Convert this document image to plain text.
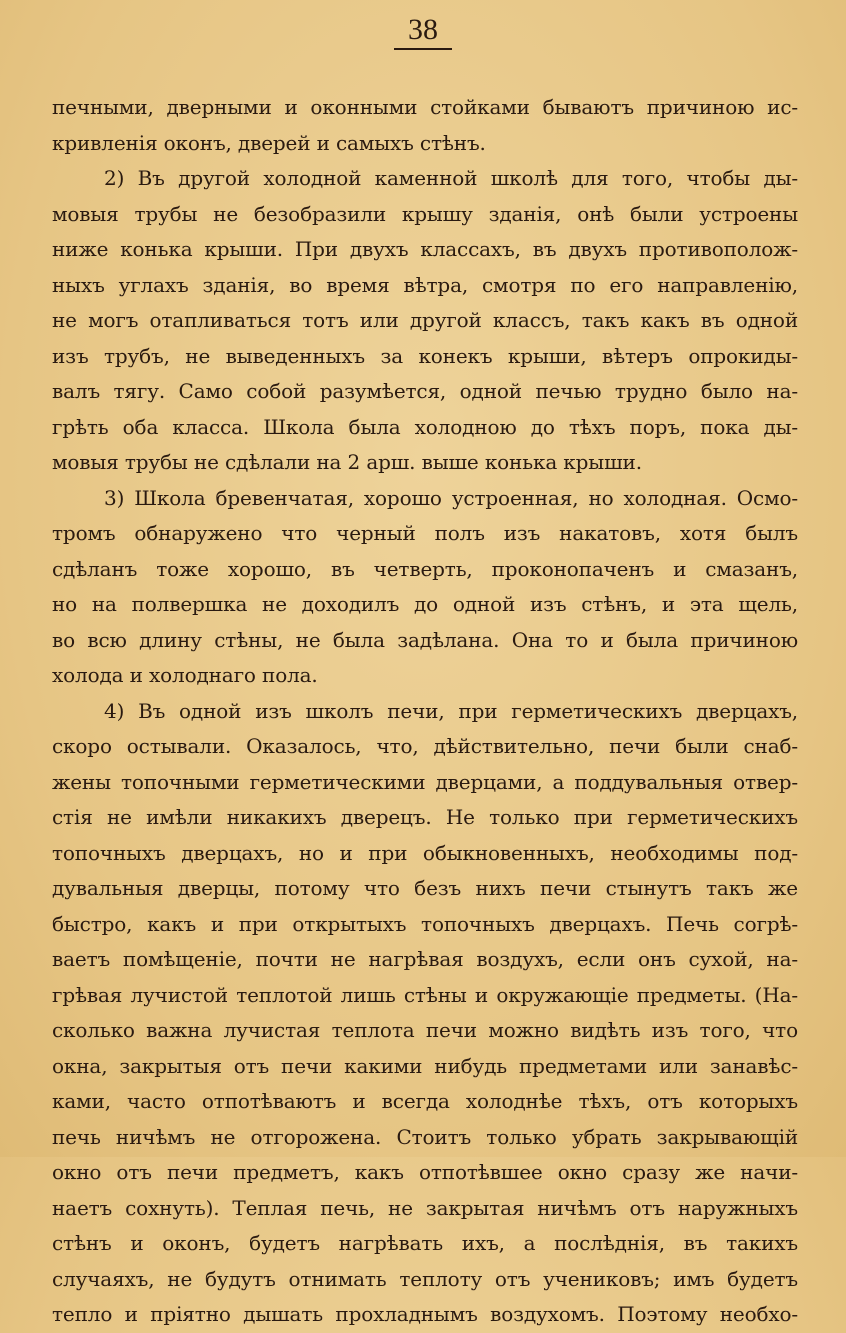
38
печными, дверными и оконными стойками бываютъ причиною ис-
кривленія оконъ, дверей и самыхъ стѣнъ.
2) Въ другой холодной каменной школѣ для того, чтобы ды-
мовыя трубы не безобразили крышу зданія, онѣ были устроены
ниже конька крыши. При двухъ классахъ, въ двухъ противополож-
ныхъ углахъ зданія, во время вѣтра, смотря по его направленію,
не могъ отапливаться тотъ или другой классъ, такъ какъ въ одной
изъ трубъ, не выведенныхъ за конекъ крыши, вѣтеръ опрокиды-
валъ тягу. Само собой разумѣется, одной печью трудно было на-
грѣть оба класса. Школа была холодною до тѣхъ поръ, пока ды-
мовыя трубы не сдѣлали на 2 арш. выше конька крыши.
3) Школа бревенчатая, хорошо устроенная, но холодная. Осмо-
тромъ обнаружено что черный полъ изъ накатовъ, хотя былъ
сдѣланъ тоже хорошо, въ четверть, проконопаченъ и смазанъ,
но на полвершка не доходилъ до одной изъ стѣнъ, и эта щель,
во всю длину стѣны, не была задѣлана. Она то и была причиною
холода и холоднаго пола.
4) Въ одной изъ школъ печи, при герметическихъ дверцахъ,
скоро остывали. Оказалось, что, дѣйствительно, печи были снаб-
жены топочными герметическими дверцами, а поддувальныя отвер-
стія не имѣли никакихъ дверецъ. Не только при герметическихъ
топочныхъ дверцахъ, но и при обыкновенныхъ, необходимы под-
дувальныя дверцы, потому что безъ нихъ печи стынутъ такъ же
быстро, какъ и при открытыхъ топочныхъ дверцахъ. Печь согрѣ-
ваетъ помѣщеніе, почти не нагрѣвая воздухъ, если онъ сухой, на-
грѣвая лучистой теплотой лишь стѣны и окружающіе предметы. (На-
сколько важна лучистая теплота печи можно видѣть изъ того, что
окна, закрытыя отъ печи какими нибудь предметами или занавѣс-
ками, часто отпотѣваютъ и всегда холоднѣе тѣхъ, отъ которыхъ
печь ничѣмъ не отгорожена. Стоитъ только убрать закрывающій
окно отъ печи предметъ, какъ отпотѣвшее окно сразу же начи-
наетъ сохнуть). Теплая печь, не закрытая ничѣмъ отъ наружныхъ
стѣнъ и оконъ, будетъ нагрѣвать ихъ, а послѣднія, въ такихъ
случаяхъ, не будутъ отнимать теплоту отъ учениковъ; имъ будетъ
тепло и пріятно дышать прохладнымъ воздухомъ. Поэтому необхо-
